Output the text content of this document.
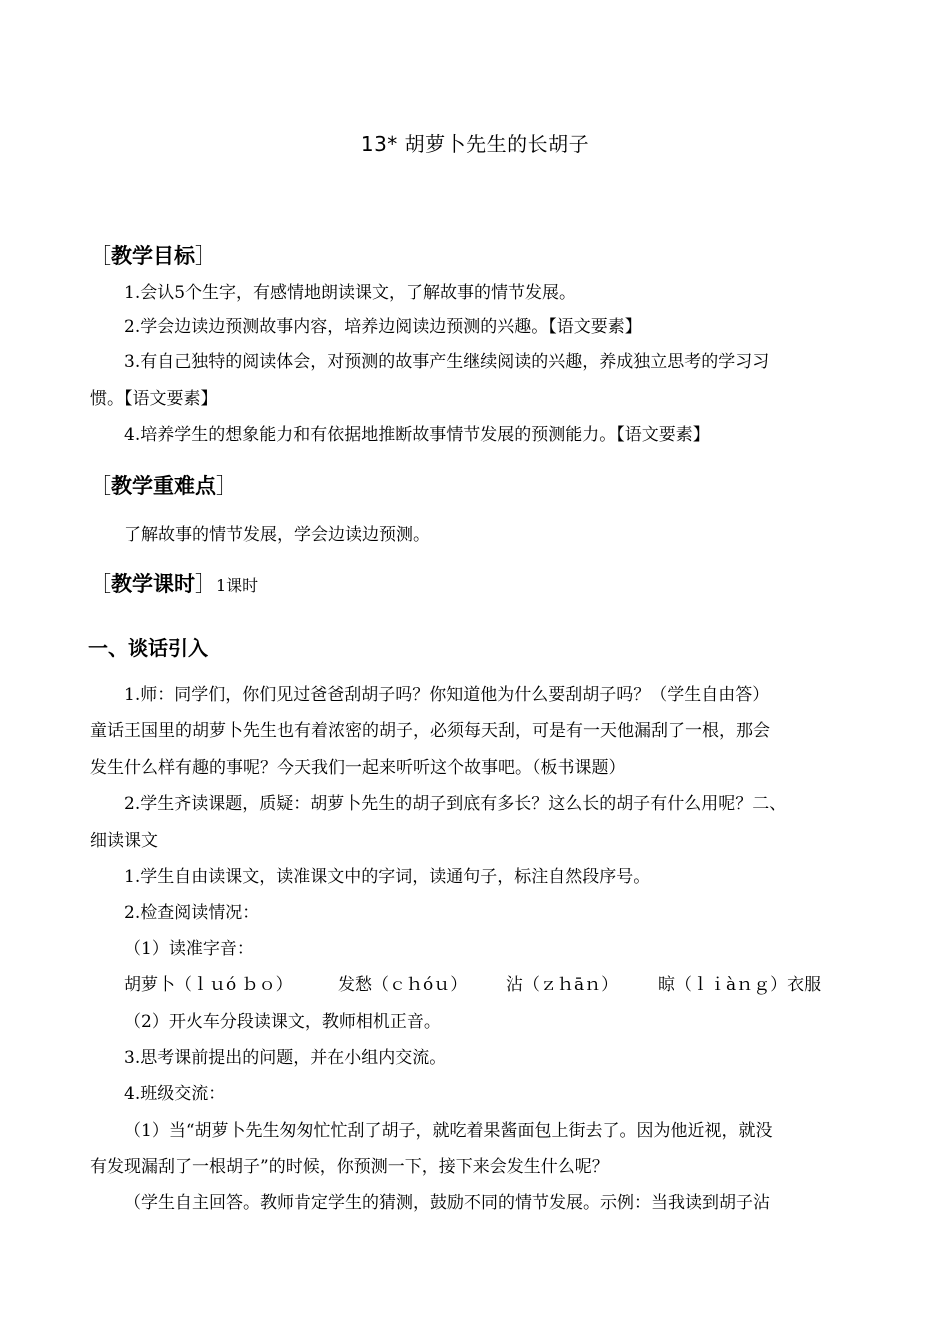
13* 胡萝卜先生的长胡子
［教学目标］
1.会认5个生字，有感情地朗读课文，了解故事的情节发展。
2.学会边读边预测故事内容，培养边阅读边预测的兴趣。【语文要素】
3.有自己独特的阅读体会，对预测的故事产生继续阅读的兴趣，养成独立思考的学习习
惯。【语文要素】
4.培养学生的想象能力和有依据地推断故事情节发展的预测能力。【语文要素】
［教学重难点］
了解故事的情节发展，学会边读边预测。
［教学课时］1课时
一、谈话引入
1.师：同学们，你们见过爸爸刮胡子吗？你知道他为什么要刮胡子吗？（学生自由答）
童话王国里的胡萝卜先生也有着浓密的胡子，必须每天刮，可是有一天他漏刮了一根，那会
发生什么样有趣的事呢？今天我们一起来听听这个故事吧。（板书课题）
2.学生齐读课题，质疑：胡萝卜先生的胡子到底有多长？这么长的胡子有什么用呢？二、
细读课文
1.学生自由读课文，读准课文中的字词，读通句子，标注自然段序号。
2.检查阅读情况：
（1）读准字音：
胡萝卜（ｌｕó ｂｏ）	发愁（ｃｈóｕ） 沾（ｚｈāｎ） 晾（ｌｉàｎｇ）衣服
（2）开火车分段读课文，教师相机正音。
3.思考课前提出的问题，并在小组内交流。
4.班级交流：
（1）当“胡萝卜先生匆匆忙忙刮了胡子，就吃着果酱面包上街去了。因为他近视，就没
有发现漏刮了一根胡子”的时候，你预测一下，接下来会发生什么呢？
（学生自主回答。教师肯定学生的猜测，鼓励不同的情节发展。示例：当我读到胡子沾
